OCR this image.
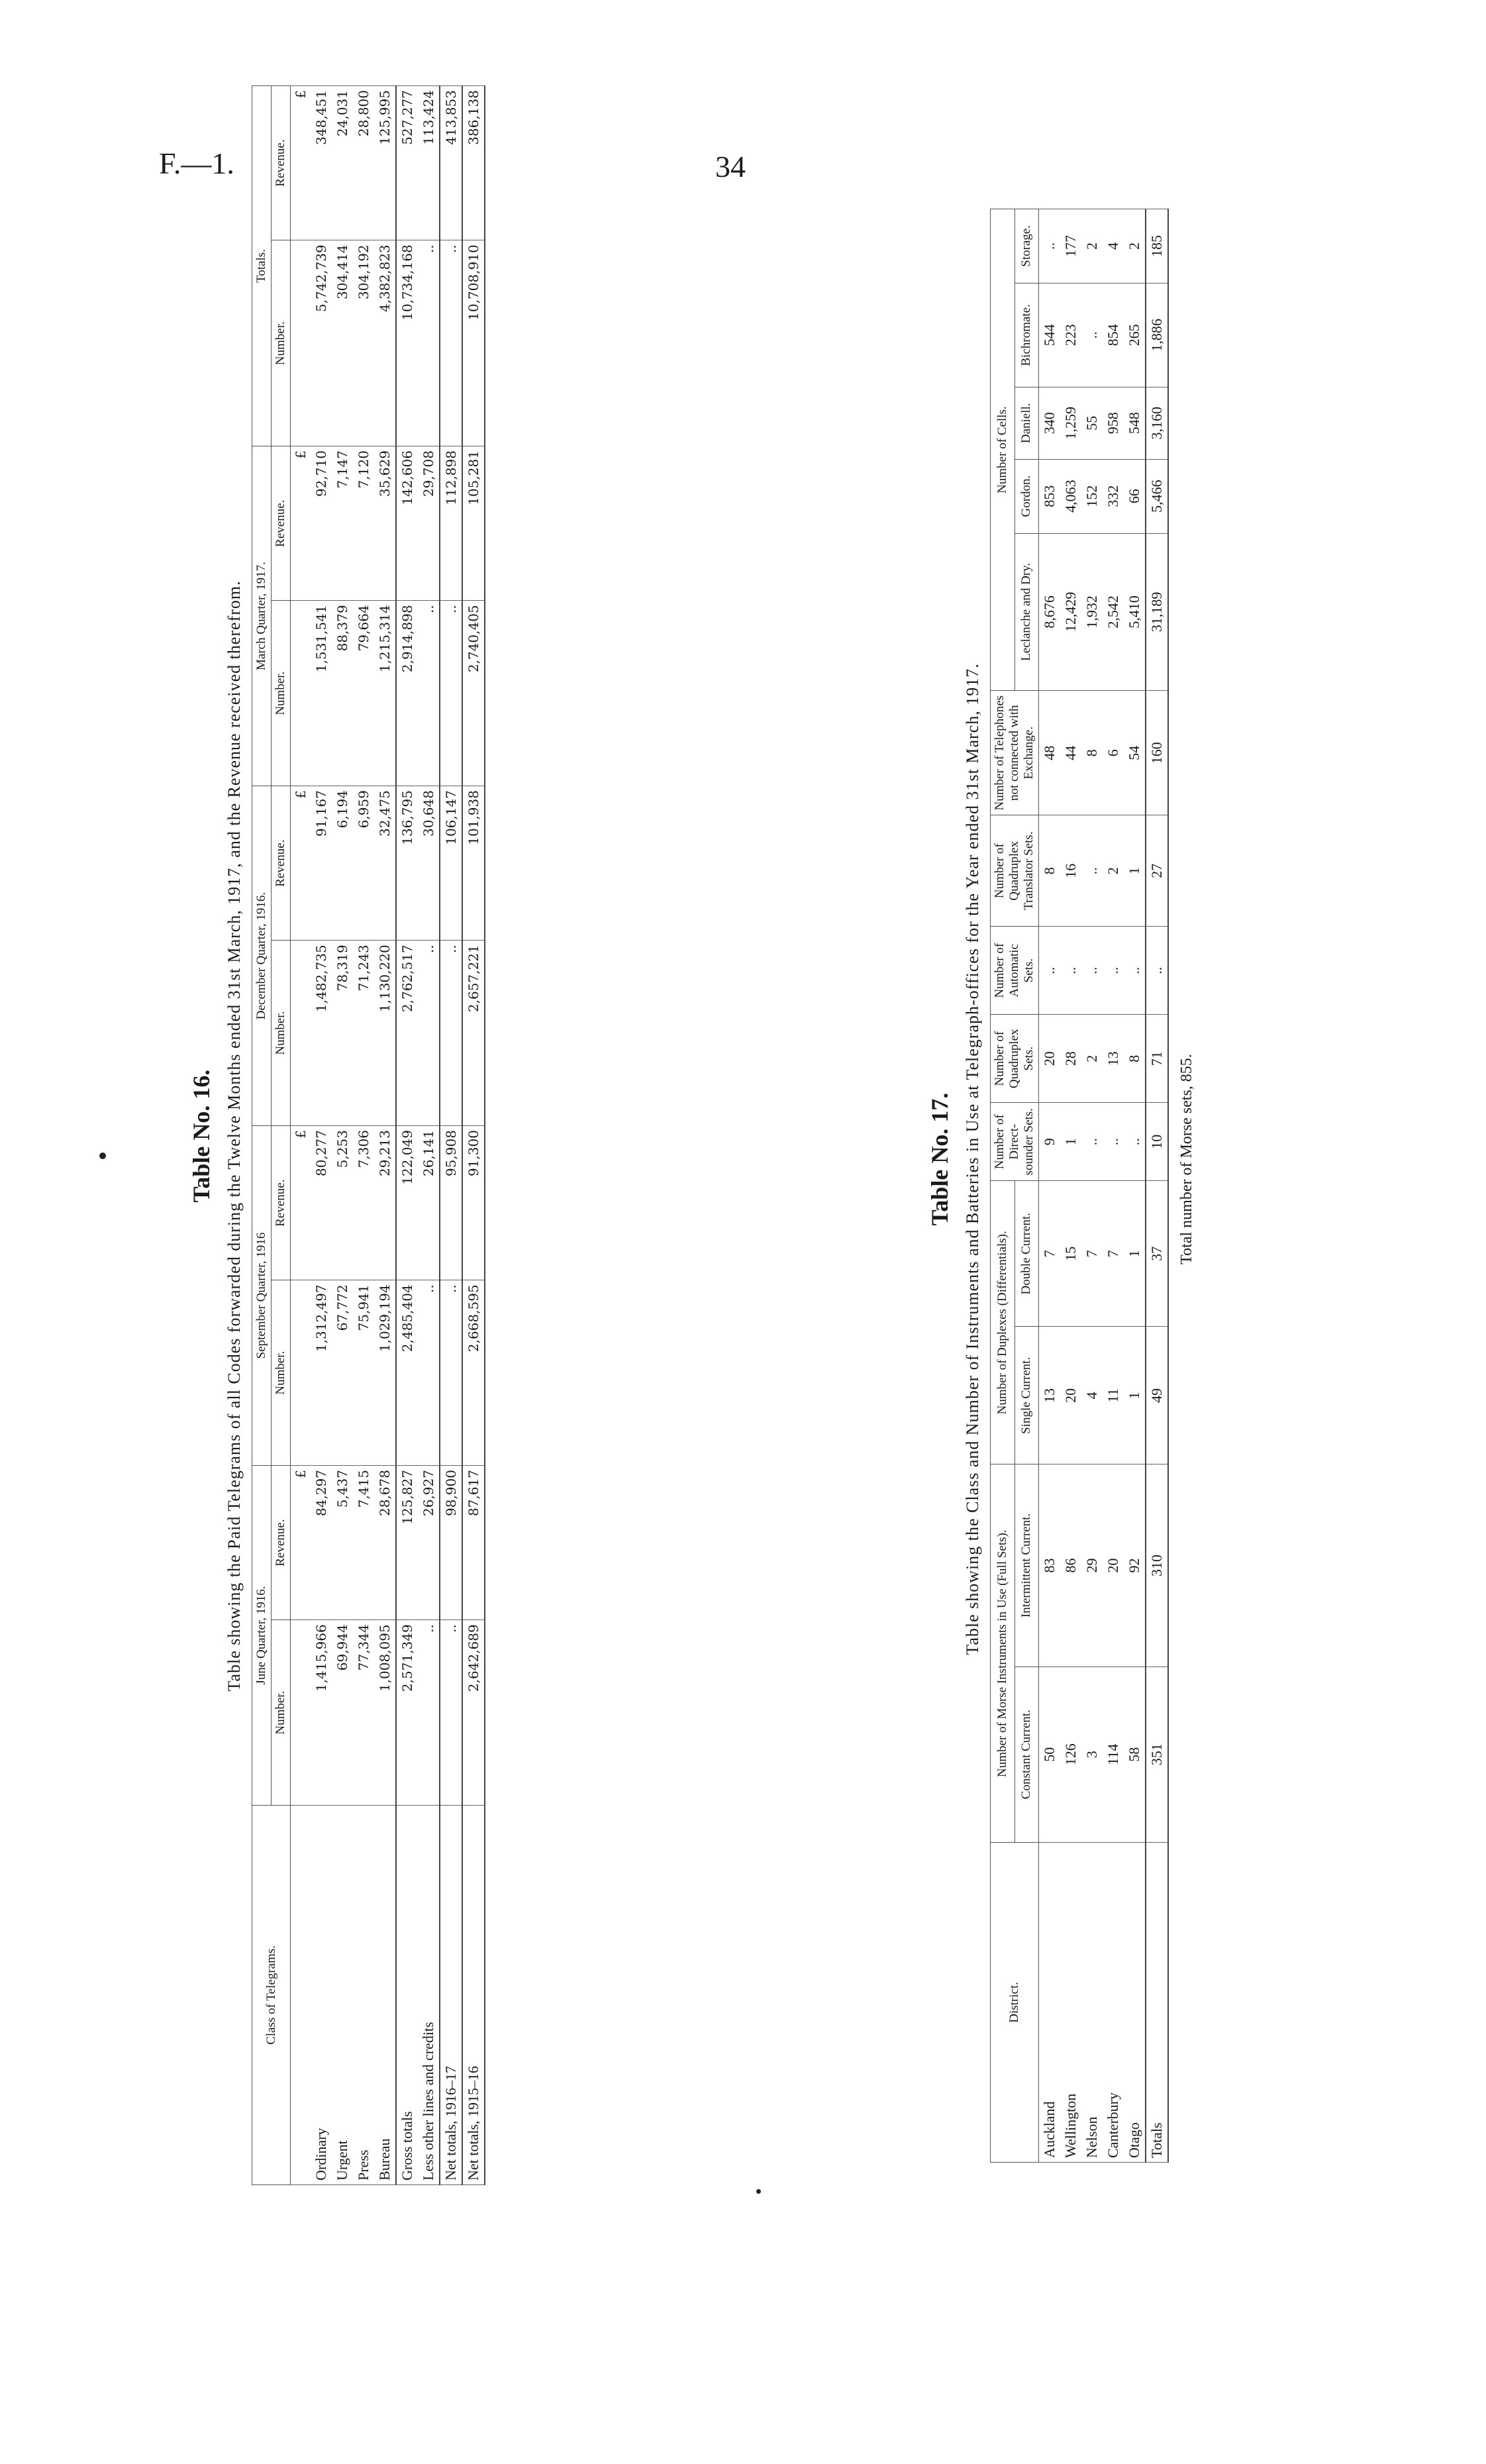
F.—1.	34
Table No. 16. Table showing the Paid Telegrams of all Codes forwarded during the Twelve Months ended 31st March, 1917, and the Revenue received therefrom.
Class of Telegrams.	June Quarter, 1916.		September Quarter, 1916		December Quarter, 1916.		March Quarter, 1917.		Totals.	
	Number.	Revenue.	Number.	Revenue.	Number.	Revenue.	Number.	Revenue.	Number.	Revenue.
		£		£		£		£		£
Ordinary	1,415,966	84,297	1,312,497	80,277	1,482,735	91,167	1,531,541	92,710	5,742,739	348,451
Urgent	69,944	5,437	67,772	5,253	78,319	6,194	88,379	7,147	304,414	24,031
Press	77,344	7,415	75,941	7,306	71,243	6,959	79,664	7,120	304,192	28,800
Bureau	1,008,095	28,678	1,029,194	29,213	1,130,220	32,475	1,215,314	35,629	4,382,823	125,995
Gross totals	2,571,349	125,827	2,485,404	122,049	2,762,517	136,795	2,914,898	142,606	10,734,168	527,277
Less other lines and credits	..	26,927	..	26,141	..	30,648	..	29,708	..	113,424
Net totals, 1916–17	..	98,900	..	95,908	..	106,147	..	112,898	..	413,853
Net totals, 1915–16	2,642,689	87,617	2,668,595	91,300	2,657,221	101,938	2,740,405	105,281	10,708,910	386,138
Table No. 17. Table showing the Class and Number of Instruments and Batteries in Use at Telegraph-offices for the Year ended 31st March, 1917.
District.	Number of Morse Instruments in Use (Full Sets).		Number of Duplexes (Differentials).		Number of Direct-sounder Sets.	Number of Quadruplex Sets.	Number of Automatic Sets.	Number of Quadruplex Translator Sets.	Number of Telephones not connected with Exchange.	Number of Cells.				
	Constant Current.	Intermittent Current.	Single Current.	Double Current.						Leclanche and Dry.	Gordon.	Daniell.	Bichromate.	Storage.
Auckland	50	83	13	7	9	20	..	8	48	8,676	853	340	544	..
Wellington	126	86	20	15	1	28	..	16	44	12,429	4,063	1,259	223	177
Nelson	3	29	4	7	..	2	..	..	8	1,932	152	55	..	2
Canterbury	114	20	11	7	..	13	..	2	6	2,542	332	958	854	4
Otago	58	92	1	1	..	8	..	1	54	5,410	66	548	265	2
Totals	351	310	49	37	10	71	..	27	160	31,189	5,466	3,160	1,886	185
Total number of Morse sets, 855.
